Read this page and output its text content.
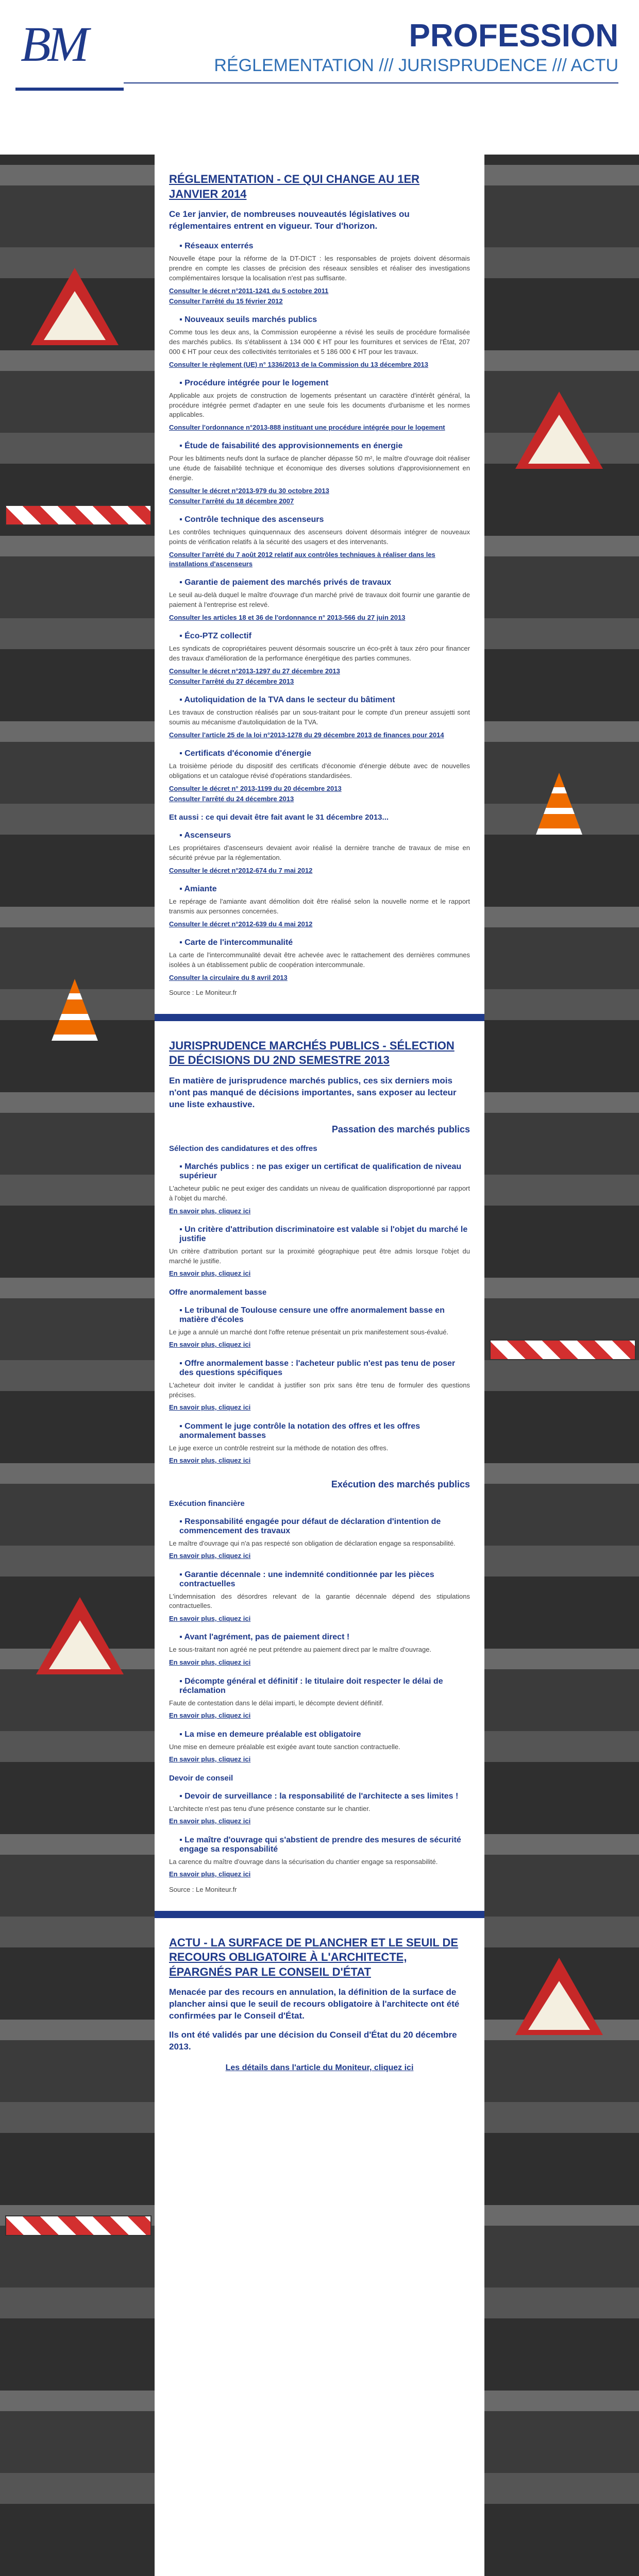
BM	PROFESSION
RÉGLEMENTATION /// JURISPRUDENCE /// ACTU
RÉGLEMENTATION - CE QUI CHANGE AU 1ER JANVIER 2014
Ce 1er janvier, de nombreuses nouveautés législatives ou réglementaires entrent en vigueur. Tour d'horizon.
▪ Réseaux enterrés
Nouvelle étape pour la réforme de la DT-DICT : les responsables de projets doivent désormais prendre en compte les classes de précision des réseaux sensibles et réaliser des investigations complémentaires lorsque la localisation n'est pas suffisante.
Consulter le décret n°2011-1241 du 5 octobre 2011
Consulter l'arrêté du 15 février 2012
▪ Nouveaux seuils marchés publics
Comme tous les deux ans, la Commission européenne a révisé les seuils de procédure formalisée des marchés publics. Ils s'établissent à 134 000 € HT pour les fournitures et services de l'État, 207 000 € HT pour ceux des collectivités territoriales et 5 186 000 € HT pour les travaux.
Consulter le règlement (UE) n° 1336/2013 de la Commission du 13 décembre 2013
▪ Procédure intégrée pour le logement
Applicable aux projets de construction de logements présentant un caractère d'intérêt général, la procédure intégrée permet d'adapter en une seule fois les documents d'urbanisme et les normes applicables.
Consulter l'ordonnance n°2013-888 instituant une procédure intégrée pour le logement
▪ Étude de faisabilité des approvisionnements en énergie
Pour les bâtiments neufs dont la surface de plancher dépasse 50 m², le maître d'ouvrage doit réaliser une étude de faisabilité technique et économique des diverses solutions d'approvisionnement en énergie.
Consulter le décret n°2013-979 du 30 octobre 2013
Consulter l'arrêté du 18 décembre 2007
▪ Contrôle technique des ascenseurs
Les contrôles techniques quinquennaux des ascenseurs doivent désormais intégrer de nouveaux points de vérification relatifs à la sécurité des usagers et des intervenants.
Consulter l'arrêté du 7 août 2012 relatif aux contrôles techniques à réaliser dans les installations d'ascenseurs
▪ Garantie de paiement des marchés privés de travaux
Le seuil au-delà duquel le maître d'ouvrage d'un marché privé de travaux doit fournir une garantie de paiement à l'entreprise est relevé.
Consulter les articles 18 et 36 de l'ordonnance n° 2013-566 du 27 juin 2013
▪ Éco-PTZ collectif
Les syndicats de copropriétaires peuvent désormais souscrire un éco-prêt à taux zéro pour financer des travaux d'amélioration de la performance énergétique des parties communes.
Consulter le décret n°2013-1297 du 27 décembre 2013
Consulter l'arrêté du 27 décembre 2013
▪ Autoliquidation de la TVA dans le secteur du bâtiment
Les travaux de construction réalisés par un sous-traitant pour le compte d'un preneur assujetti sont soumis au mécanisme d'autoliquidation de la TVA.
Consulter l'article 25 de la loi n°2013-1278 du 29 décembre 2013 de finances pour 2014
▪ Certificats d'économie d'énergie
La troisième période du dispositif des certificats d'économie d'énergie débute avec de nouvelles obligations et un catalogue révisé d'opérations standardisées.
Consulter le décret n° 2013-1199 du 20 décembre 2013
Consulter l'arrêté du 24 décembre 2013
Et aussi : ce qui devait être fait avant le 31 décembre 2013...
▪ Ascenseurs
Les propriétaires d'ascenseurs devaient avoir réalisé la dernière tranche de travaux de mise en sécurité prévue par la réglementation.
Consulter le décret n°2012-674 du 7 mai 2012
▪ Amiante
Le repérage de l'amiante avant démolition doit être réalisé selon la nouvelle norme et le rapport transmis aux personnes concernées.
Consulter le décret n°2012-639 du 4 mai 2012
▪ Carte de l'intercommunalité
La carte de l'intercommunalité devait être achevée avec le rattachement des dernières communes isolées à un établissement public de coopération intercommunale.
Consulter la circulaire du 8 avril 2013
Source : Le Moniteur.fr
JURISPRUDENCE MARCHÉS PUBLICS - SÉLECTION DE DÉCISIONS DU 2ND SEMESTRE 2013
En matière de jurisprudence marchés publics, ces six derniers mois n'ont pas manqué de décisions importantes, sans exposer au lecteur une liste exhaustive.
Passation des marchés publics
Sélection des candidatures et des offres
▪ Marchés publics : ne pas exiger un certificat de qualification de niveau supérieur
L'acheteur public ne peut exiger des candidats un niveau de qualification disproportionné par rapport à l'objet du marché.
En savoir plus, cliquez ici
▪ Un critère d'attribution discriminatoire est valable si l'objet du marché le justifie
Un critère d'attribution portant sur la proximité géographique peut être admis lorsque l'objet du marché le justifie.
En savoir plus, cliquez ici
Offre anormalement basse
▪ Le tribunal de Toulouse censure une offre anormalement basse en matière d'écoles
Le juge a annulé un marché dont l'offre retenue présentait un prix manifestement sous-évalué.
En savoir plus, cliquez ici
▪ Offre anormalement basse : l'acheteur public n'est pas tenu de poser des questions spécifiques
L'acheteur doit inviter le candidat à justifier son prix sans être tenu de formuler des questions précises.
En savoir plus, cliquez ici
▪ Comment le juge contrôle la notation des offres et les offres anormalement basses
Le juge exerce un contrôle restreint sur la méthode de notation des offres.
En savoir plus, cliquez ici
Exécution des marchés publics
Exécution financière
▪ Responsabilité engagée pour défaut de déclaration d'intention de commencement des travaux
Le maître d'ouvrage qui n'a pas respecté son obligation de déclaration engage sa responsabilité.
En savoir plus, cliquez ici
▪ Garantie décennale : une indemnité conditionnée par les pièces contractuelles
L'indemnisation des désordres relevant de la garantie décennale dépend des stipulations contractuelles.
En savoir plus, cliquez ici
▪ Avant l'agrément, pas de paiement direct !
Le sous-traitant non agréé ne peut prétendre au paiement direct par le maître d'ouvrage.
En savoir plus, cliquez ici
▪ Décompte général et définitif : le titulaire doit respecter le délai de réclamation
Faute de contestation dans le délai imparti, le décompte devient définitif.
En savoir plus, cliquez ici
▪ La mise en demeure préalable est obligatoire
Une mise en demeure préalable est exigée avant toute sanction contractuelle.
En savoir plus, cliquez ici
Devoir de conseil
▪ Devoir de surveillance : la responsabilité de l'architecte a ses limites !
L'architecte n'est pas tenu d'une présence constante sur le chantier.
En savoir plus, cliquez ici
▪ Le maître d'ouvrage qui s'abstient de prendre des mesures de sécurité engage sa responsabilité
La carence du maître d'ouvrage dans la sécurisation du chantier engage sa responsabilité.
En savoir plus, cliquez ici
Source : Le Moniteur.fr
ACTU - LA SURFACE DE PLANCHER ET LE SEUIL DE RECOURS OBLIGATOIRE À L'ARCHITECTE, ÉPARGNÉS PAR LE CONSEIL D'ÉTAT
Menacée par des recours en annulation, la définition de la surface de plancher ainsi que le seuil de recours obligatoire à l'architecte ont été confirmées par le Conseil d'État.
Ils ont été validés par une décision du Conseil d'État du 20 décembre 2013.
Les détails dans l'article du Moniteur, cliquez ici
